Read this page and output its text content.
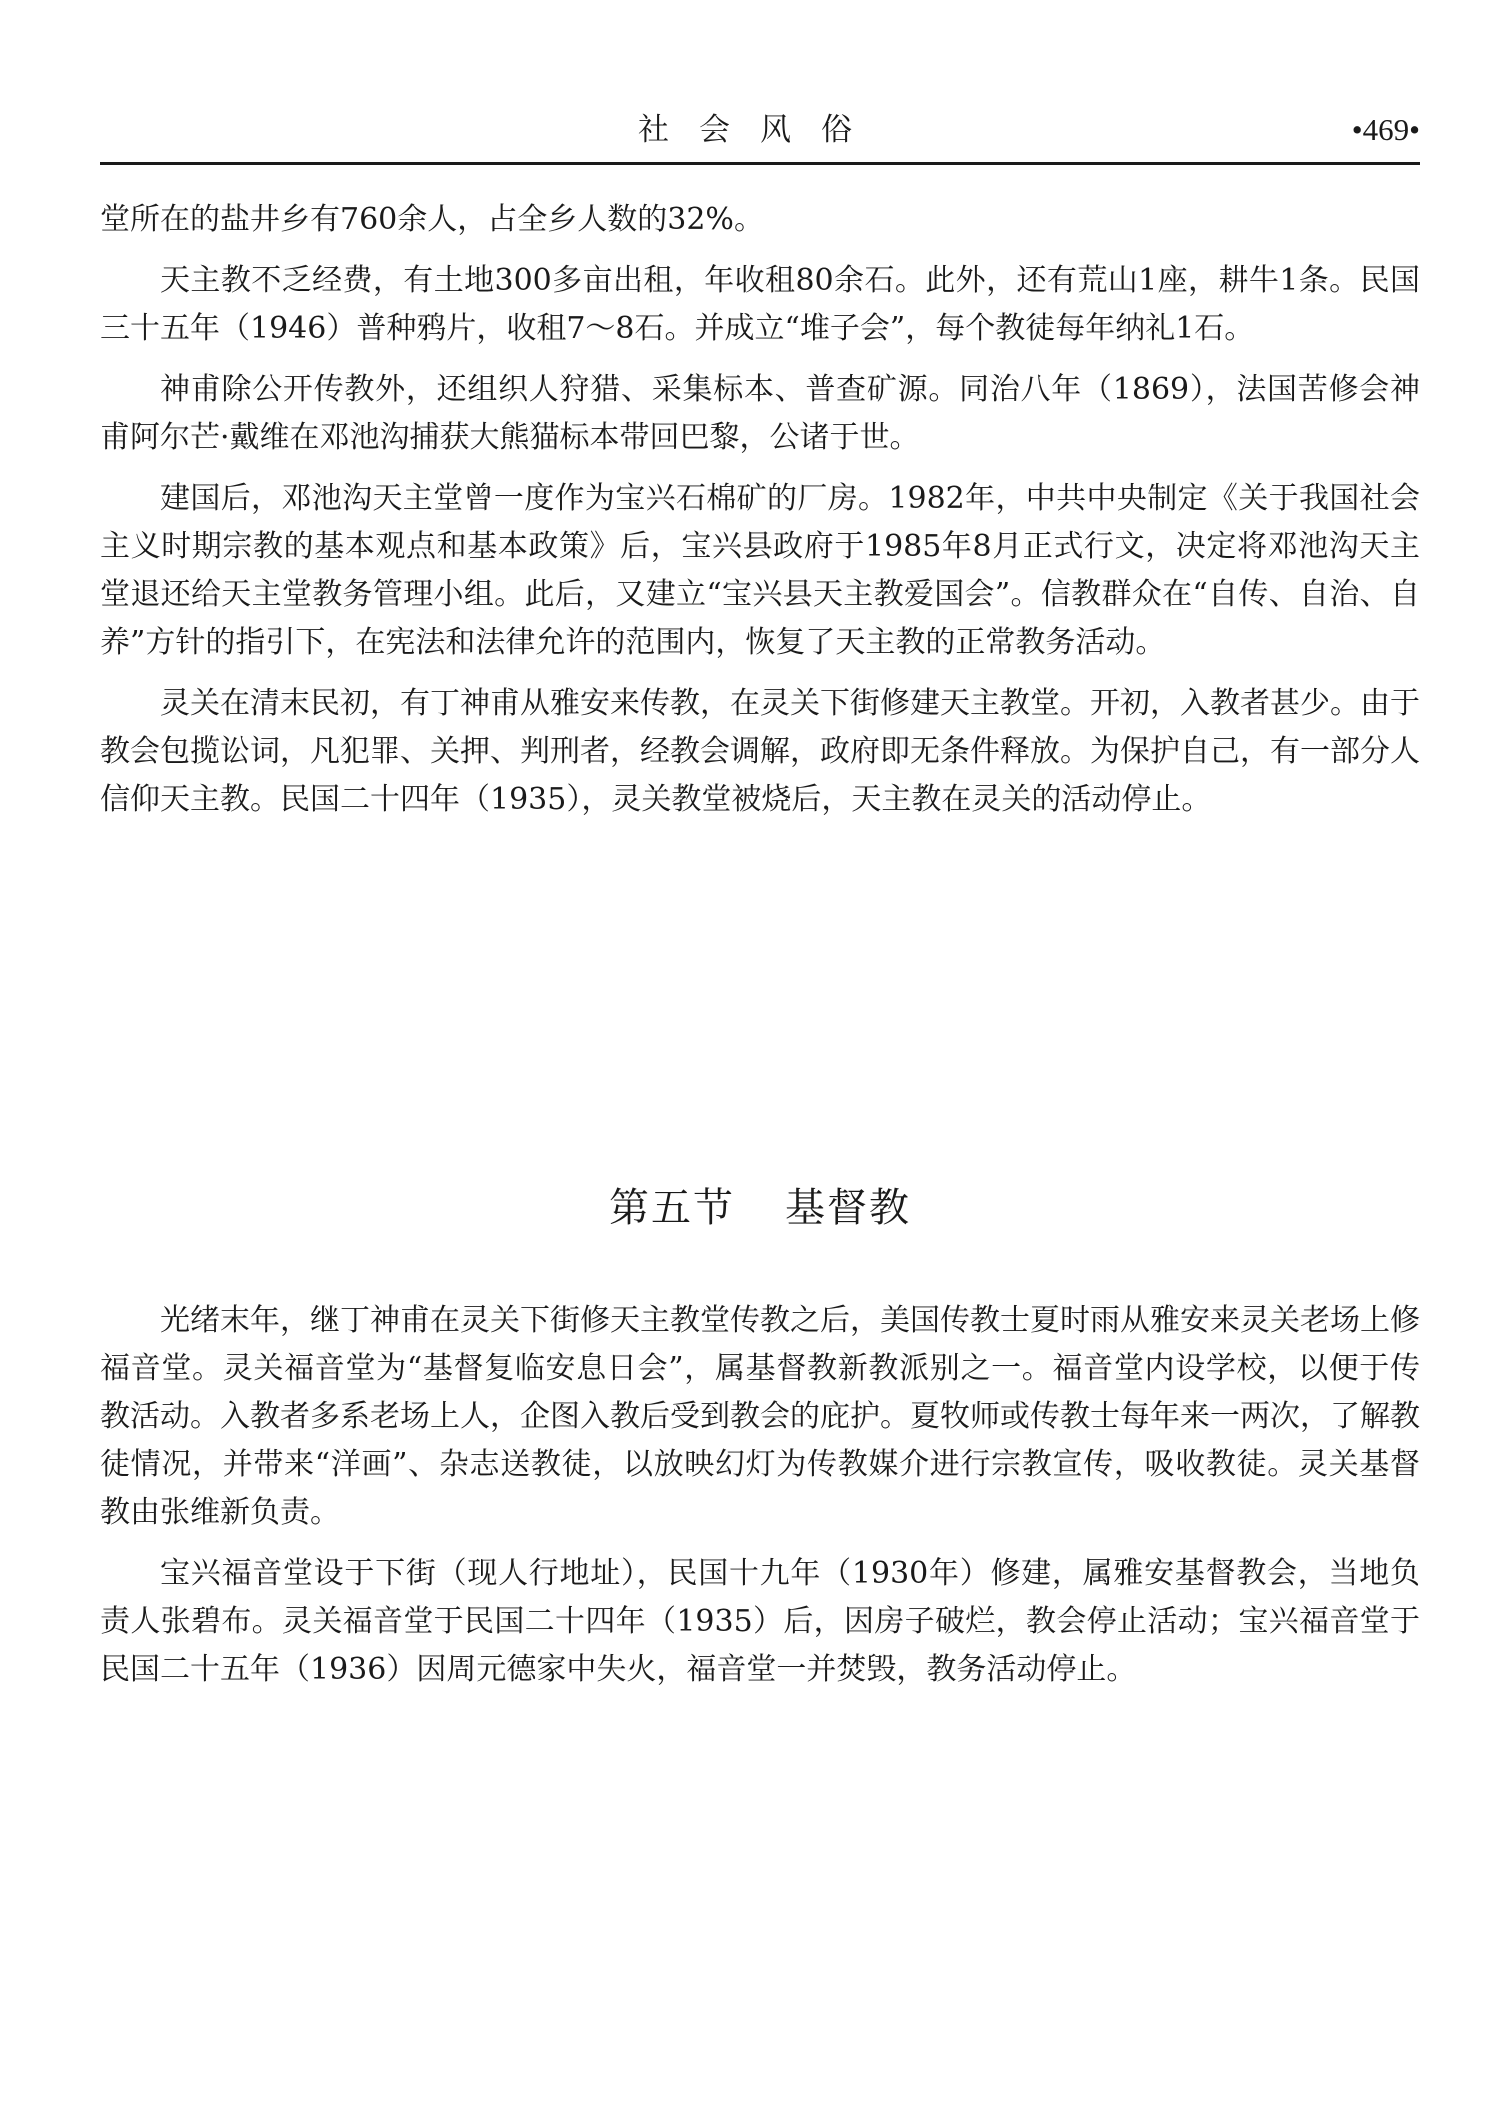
社会风俗	•469•

堂所在的盐井乡有760余人，占全乡人数的32%。

天主教不乏经费，有土地300多亩出租，年收租80余石。此外，还有荒山1座，耕牛1条。民国三十五年（1946）普种鸦片，收租7～8石。并成立“堆子会”，每个教徒每年纳礼1石。

神甫除公开传教外，还组织人狩猎、采集标本、普查矿源。同治八年（1869），法国苦修会神甫阿尔芒·戴维在邓池沟捕获大熊猫标本带回巴黎，公诸于世。

建国后，邓池沟天主堂曾一度作为宝兴石棉矿的厂房。1982年，中共中央制定《关于我国社会主义时期宗教的基本观点和基本政策》后，宝兴县政府于1985年8月正式行文，决定将邓池沟天主堂退还给天主堂教务管理小组。此后，又建立“宝兴县天主教爱国会”。信教群众在“自传、自治、自养”方针的指引下，在宪法和法律允许的范围内，恢复了天主教的正常教务活动。

灵关在清末民初，有丁神甫从雅安来传教，在灵关下街修建天主教堂。开初，入教者甚少。由于教会包揽讼词，凡犯罪、关押、判刑者，经教会调解，政府即无条件释放。为保护自己，有一部分人信仰天主教。民国二十四年（1935），灵关教堂被烧后，天主教在灵关的活动停止。

第五节 基督教

光绪末年，继丁神甫在灵关下街修天主教堂传教之后，美国传教士夏时雨从雅安来灵关老场上修福音堂。灵关福音堂为“基督复临安息日会”，属基督教新教派别之一。福音堂内设学校，以便于传教活动。入教者多系老场上人，企图入教后受到教会的庇护。夏牧师或传教士每年来一两次，了解教徒情况，并带来“洋画”、杂志送教徒，以放映幻灯为传教媒介进行宗教宣传，吸收教徒。灵关基督教由张维新负责。

宝兴福音堂设于下街（现人行地址），民国十九年（1930年）修建，属雅安基督教会，当地负责人张碧布。灵关福音堂于民国二十四年（1935）后，因房子破烂，教会停止活动；宝兴福音堂于民国二十五年（1936）因周元德家中失火，福音堂一并焚毁，教务活动停止。
